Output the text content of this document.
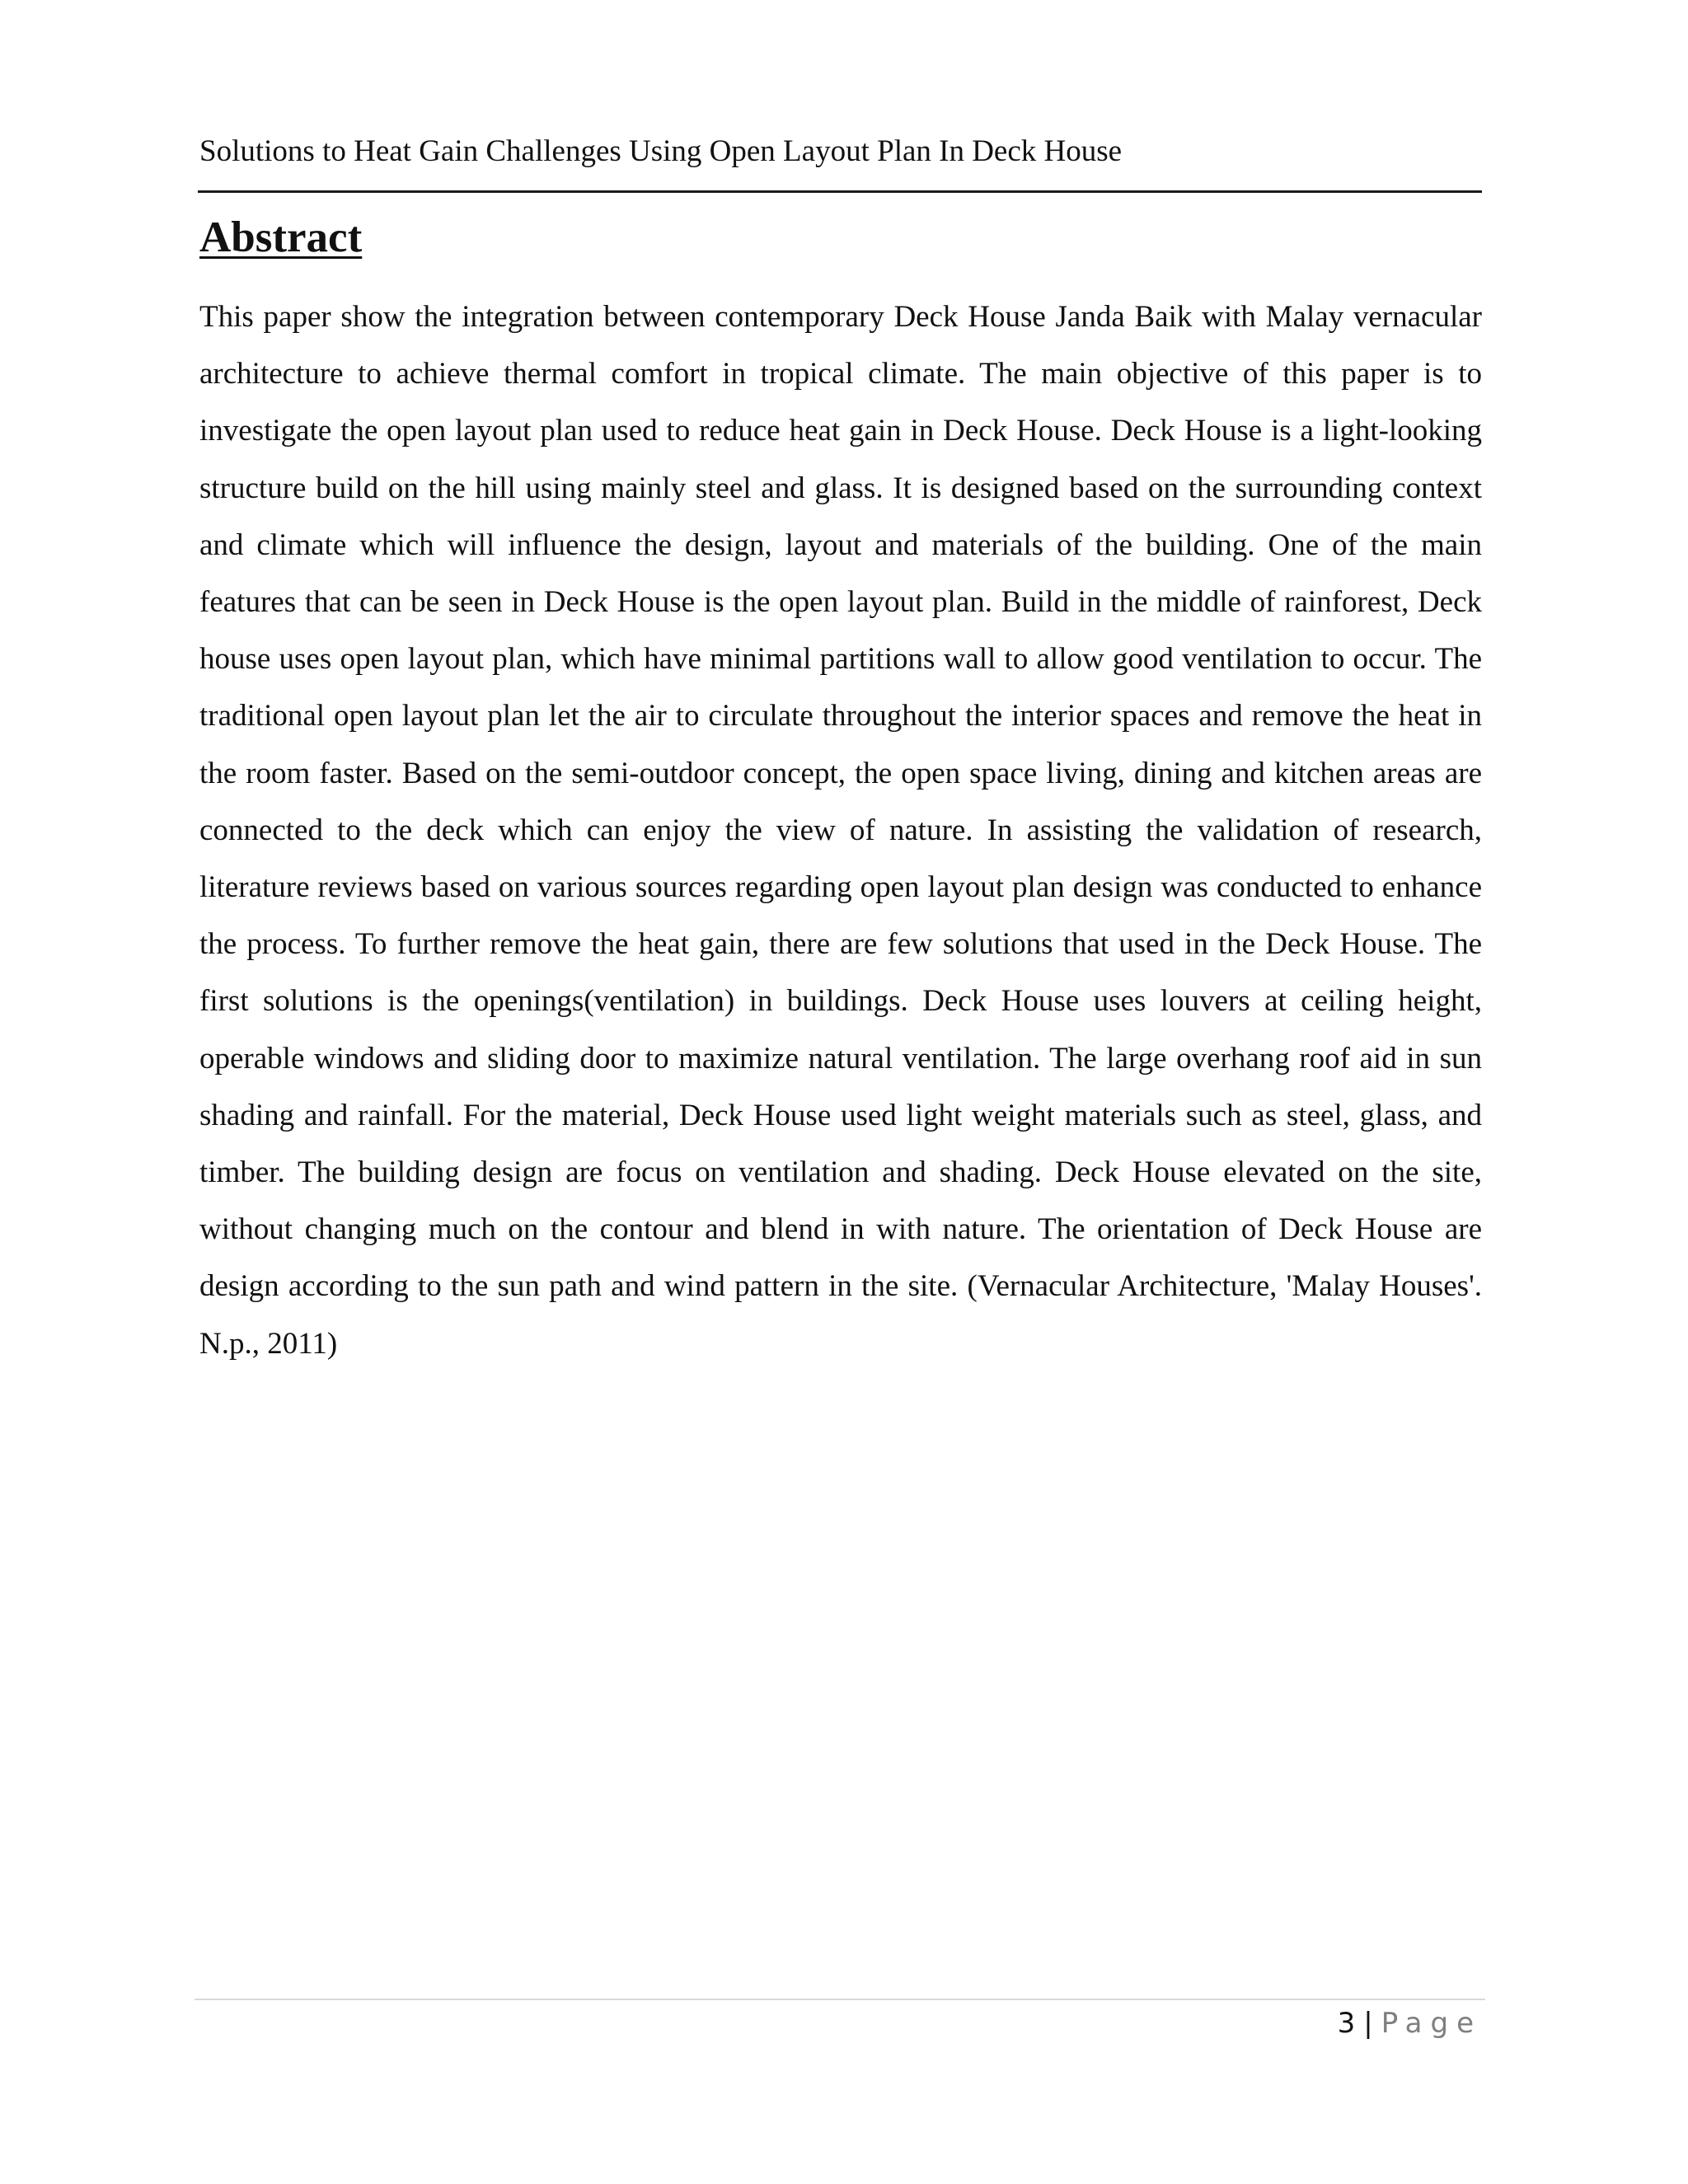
Solutions to Heat Gain Challenges Using Open Layout Plan In Deck House
Abstract

This paper show the integration between contemporary Deck House Janda Baik with Malay vernacular architecture to achieve thermal comfort in tropical climate. The main objective of this paper is to investigate the open layout plan used to reduce heat gain in Deck House. Deck House is a light-looking structure build on the hill using mainly steel and glass. It is designed based on the surrounding context and climate which will influence the design, layout and materials of the building. One of the main features that can be seen in Deck House is the open layout plan. Build in the middle of rainforest, Deck house uses open layout plan, which have minimal partitions wall to allow good ventilation to occur. The traditional open layout plan let the air to circulate throughout the interior spaces and remove the heat in the room faster. Based on the semi-outdoor concept, the open space living, dining and kitchen areas are connected to the deck which can enjoy the view of nature. In assisting the validation of research, literature reviews based on various sources regarding open layout plan design was conducted to enhance the process. To further remove the heat gain, there are few solutions that used in the Deck House. The first solutions is the openings(ventilation) in buildings. Deck House uses louvers at ceiling height, operable windows and sliding door to maximize natural ventilation. The large overhang roof aid in sun shading and rainfall. For the material, Deck House used light weight materials such as steel, glass, and timber. The building design are focus on ventilation and shading. Deck House elevated on the site, without changing much on the contour and blend in with nature. The orientation of Deck House are design according to the sun path and wind pattern in the site. (Vernacular Architecture, 'Malay Houses'. N.p., 2011)

3 | Page
